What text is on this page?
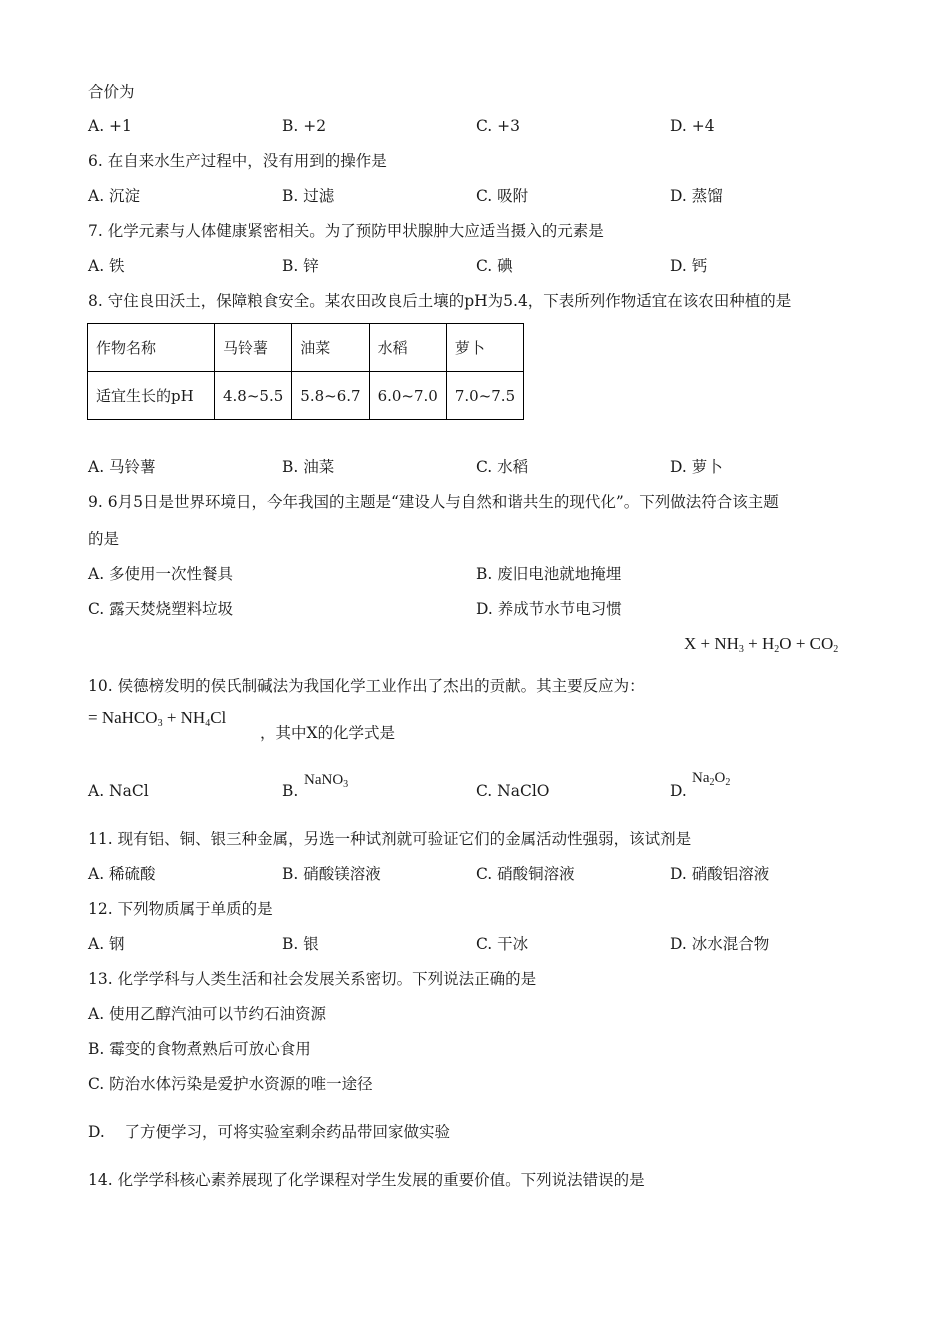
合价为
A. +1	B. +2	C. +3	D. +4
6. 在自来水生产过程中，没有用到的操作是
A. 沉淀	B. 过滤	C. 吸附	D. 蒸馏
7. 化学元素与人体健康紧密相关。为了预防甲状腺肿大应适当摄入的元素是
A. 铁	B. 锌	C. 碘	D. 钙
8. 守住良田沃土，保障粮食安全。某农田改良后土壤的pH为5.4，下表所列作物适宜在该农田种植的是
作物名称	马铃薯	油菜	水稻	萝卜
适宜生长的pH	4.8~5.5	5.8~6.7	6.0~7.0	7.0~7.5
A. 马铃薯	B. 油菜	C. 水稻	D. 萝卜
9. 6月5日是世界环境日，今年我国的主题是“建设人与自然和谐共生的现代化”。下列做法符合该主题
的是
A. 多使用一次性餐具	B. 废旧电池就地掩埋
C. 露天焚烧塑料垃圾	D. 养成节水节电习惯
10. 侯德榜发明的侯氏制碱法为我国化学工业作出了杰出的贡献。其主要反应为：
$X + NH_3 + H_2O + CO_2$
= NaHCO$_3$ + $NH_4Cl$
，其中X的化学式是
A. NaCl	B.
NaNO$_3$	C. NaClO	D.
$Na_2O_2$
11. 现有铝、铜、银三种金属，另选一种试剂就可验证它们的金属活动性强弱，该试剂是
A. 稀硫酸	B. 硝酸镁溶液	C. 硝酸铜溶液	D. 硝酸铝溶液
12. 下列物质属于单质的是
A. 钢	B. 银	C. 干冰	D. 冰水混合物
13. 化学学科与人类生活和社会发展关系密切。下列说法正确的是
A. 使用乙醇汽油可以节约石油资源
B. 霉变的食物煮熟后可放心食用
C. 防治水体污染是爱护水资源的唯一途径
D.    了方便学习，可将实验室剩余药品带回家做实验
14. 化学学科核心素养展现了化学课程对学生发展的重要价值。下列说法错误的是
